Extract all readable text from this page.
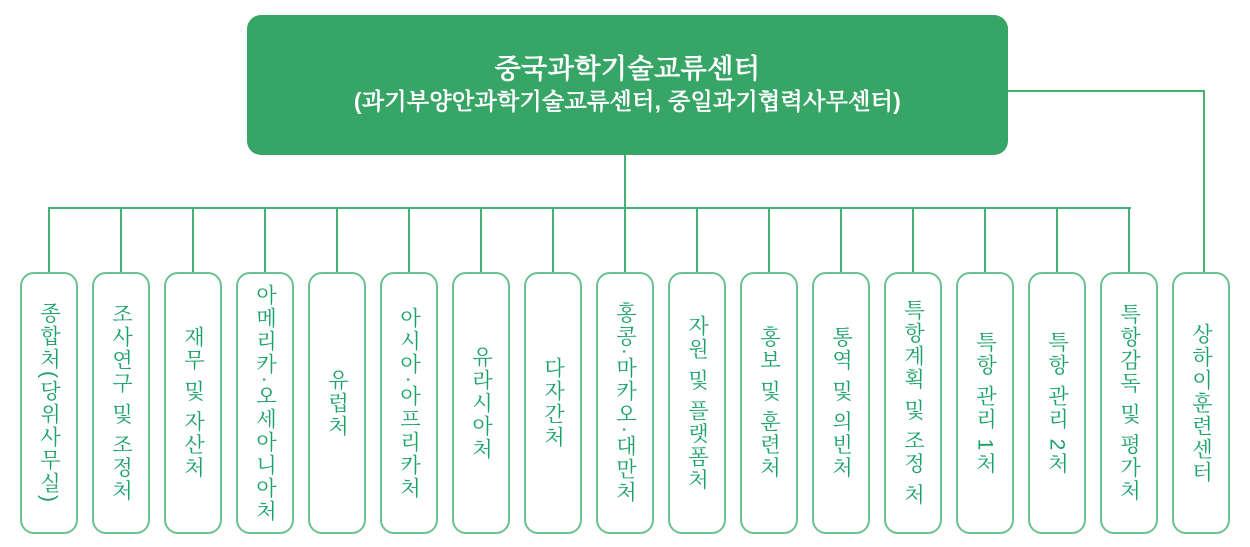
중국과학기술교류센터
(과기부양안과학기술교류센터, 중일과기협력사무센터)
종합처(당위사무실)	조사연구 및 조정처	재무 및 자산처	아메리카·오세아니아처	유럽처	아시아·아프리카처	유라시아처	다자간처	홍콩·마카오·대만처	자원 및 플랫폼처	홍보 및 훈련처	통역 및 의빈처	특항계획 및 조정 처	특항 관리 1처	특항 관리 2처	특항감독 및 평가처	상하이훈련센터
